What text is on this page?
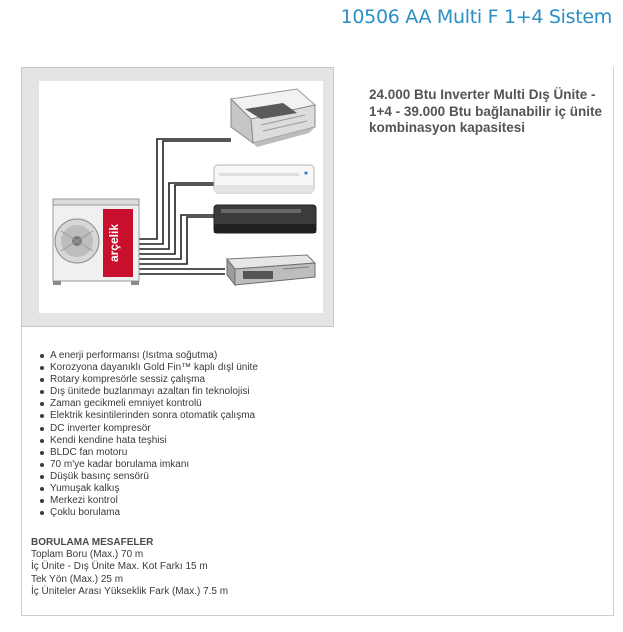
10506 AA Multi F 1+4 Sistem
arçelik
24.000 Btu Inverter Multi Dış Ünite - 1+4 - 39.000 Btu bağlanabilir iç ünite kombinasyon kapasitesi
A enerji performansı (Isıtma soğutma)
Korozyona dayanıklı Gold Fin™ kaplı dışl ünite
Rotary kompresörle sessiz çalışma
Dış ünitede buzlanmayı azaltan fin teknolojisi
Zaman gecikmeli emniyet kontrolü
Elektrik kesintilerinden sonra otomatik çalışma
DC inverter kompresör
Kendi kendine hata teşhisi
BLDC fan motoru
70 m'ye kadar borulama imkanı
Düşük basınç sensörü
Yumuşak kalkış
Merkezi kontrol
Çoklu borulama
BORULAMA MESAFELER
Toplam Boru (Max.) 70 m
İç Ünite - Dış Ünite Max. Kot Farkı 15 m
Tek Yön (Max.) 25 m
İç Üniteler Arası Yükseklik Fark (Max.) 7.5 m
